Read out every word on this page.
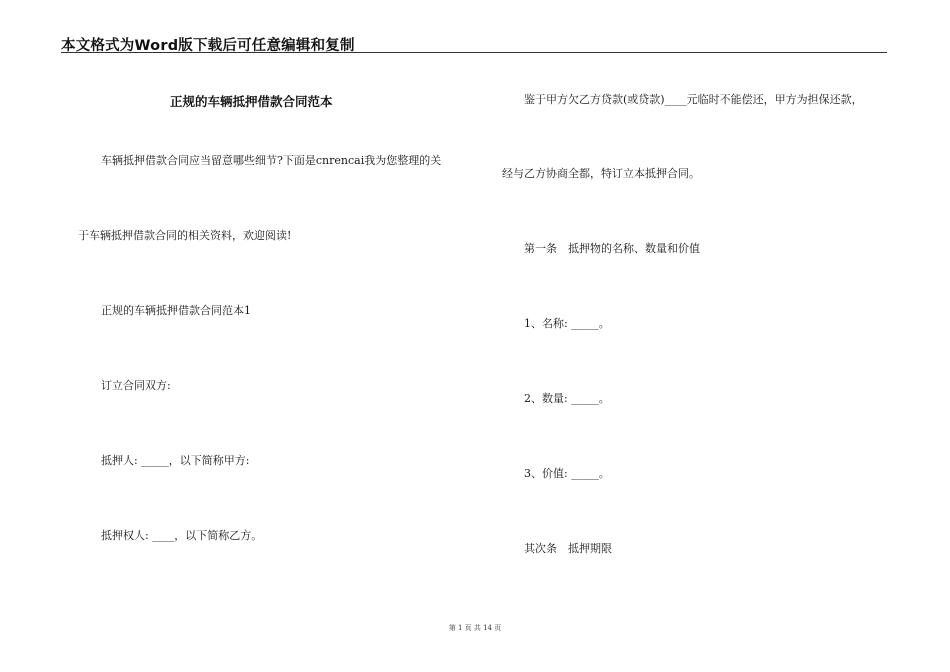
本文格式为Word版下载后可任意编辑和复制
正规的车辆抵押借款合同范本
车辆抵押借款合同应当留意哪些细节?下面是cnrencai我为您整理的关
于车辆抵押借款合同的相关资料，欢迎阅读!
正规的车辆抵押借款合同范本1
订立合同双方:
抵押人: _____，以下简称甲方:
抵押权人: ____，以下简称乙方。
鉴于甲方欠乙方贷款(或贷款)____元临时不能偿还，甲方为担保还款，
经与乙方协商全都，特订立本抵押合同。
第一条　抵押物的名称、数量和价值
1、名称: _____。
2、数量: _____。
3、价值: _____。
其次条　抵押期限
第 1 页 共 14 页
